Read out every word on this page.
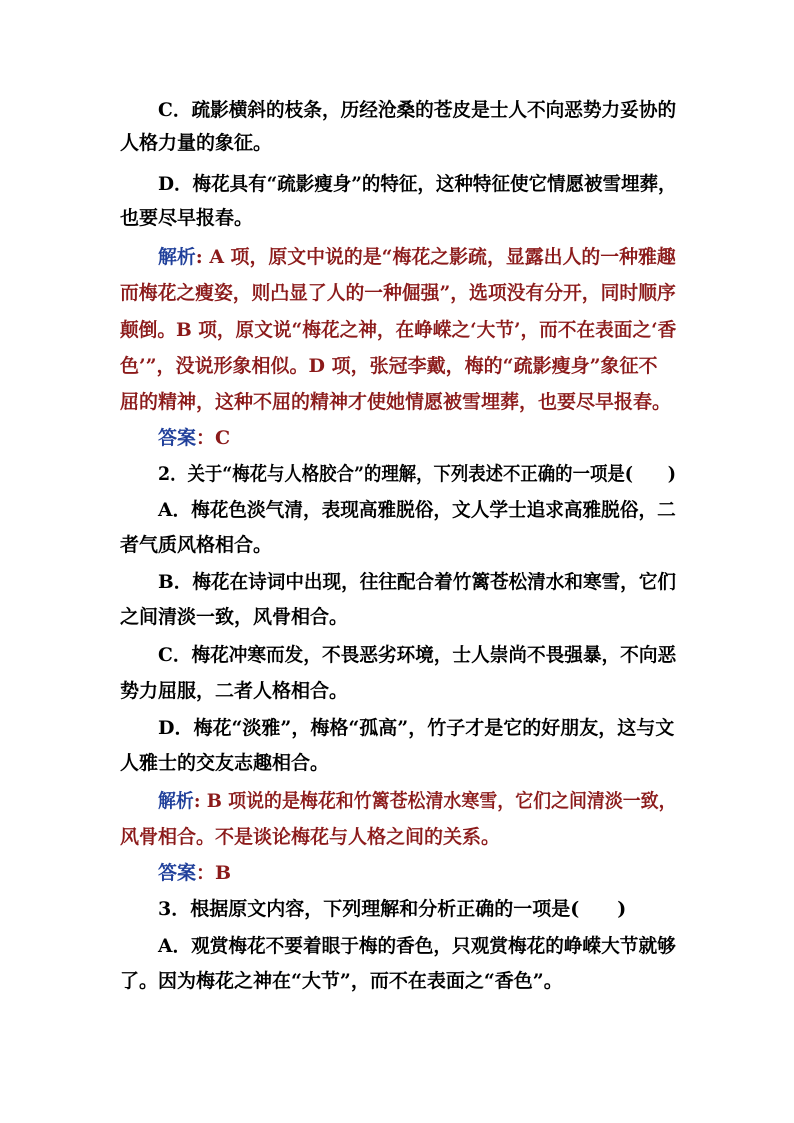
C．疏影横斜的枝条，历经沧桑的苍皮是士人不向恶势力妥协的
人格力量的象征。
D．梅花具有“疏影瘦身”的特征，这种特征使它情愿被雪埋葬，
也要尽早报春。
解析: A 项，原文中说的是“梅花之影疏，显露出人的一种雅趣
而梅花之瘦姿，则凸显了人的一种倔强”，选项没有分开，同时顺序
颠倒。B 项，原文说“梅花之神，在峥嵘之‘大节’，而不在表面之‘香
色’”，没说形象相似。D 项，张冠李戴，梅的“疏影瘦身”象征不
屈的精神，这种不屈的精神才使她情愿被雪埋葬，也要尽早报春。
答案：C
2．关于“梅花与人格胶合”的理解，下列表述不正确的一项是(　　)
A．梅花色淡气清，表现高雅脱俗，文人学士追求高雅脱俗，二
者气质风格相合。
B．梅花在诗词中出现，往往配合着竹篱苍松清水和寒雪，它们
之间清淡一致，风骨相合。
C．梅花冲寒而发，不畏恶劣环境，士人崇尚不畏强暴，不向恶
势力屈服，二者人格相合。
D．梅花“淡雅”，梅格“孤高”，竹子才是它的好朋友，这与文
人雅士的交友志趣相合。
解析: B 项说的是梅花和竹篱苍松清水寒雪，它们之间清淡一致，
风骨相合。不是谈论梅花与人格之间的关系。
答案：B
3．根据原文内容，下列理解和分析正确的一项是(　　)
A．观赏梅花不要着眼于梅的香色，只观赏梅花的峥嵘大节就够
了。因为梅花之神在“大节”，而不在表面之“香色”。
